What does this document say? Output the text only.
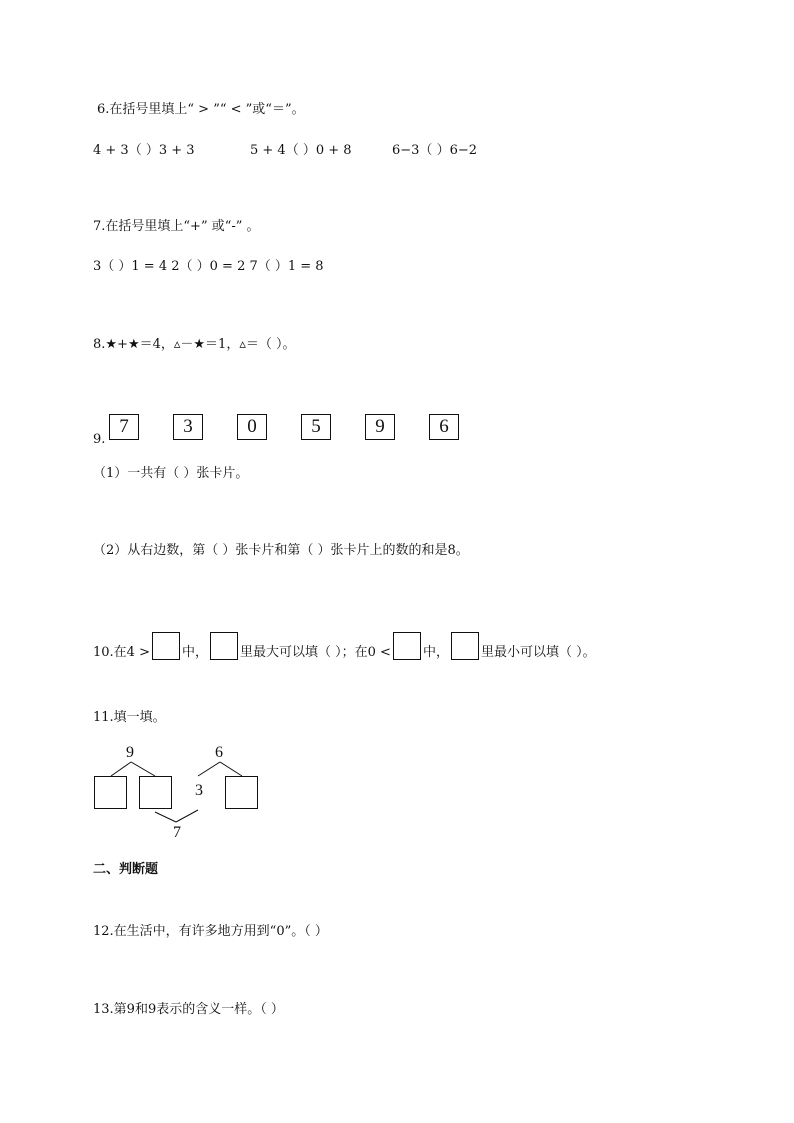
6.在括号里填上“ > ”“ < ”或“＝”。
4 + 3（ ）3 + 3	5 + 4（ ）0 + 8	6−3（ ）6−2
7.在括号里填上“+” 或“-” 。
3（ ）1 = 4 2（ ）0 = 2 7（ ）1 = 8
8.★+★＝4，▵－★＝1，▵＝（ ）。
9.
7	3	0	5	9	6
（1）一共有（ ）张卡片。
（2）从右边数，第（ ）张卡片和第（ ）张卡片上的数的和是8。
10.在4 > 中， 里最大可以填（ ）；在0 < 中， 里最小可以填（ ）。
11.填一填。
9	6
3
7
二、判断题
12.在生活中，有许多地方用到“0”。（ ）
13.第9和9表示的含义一样。（ ）
